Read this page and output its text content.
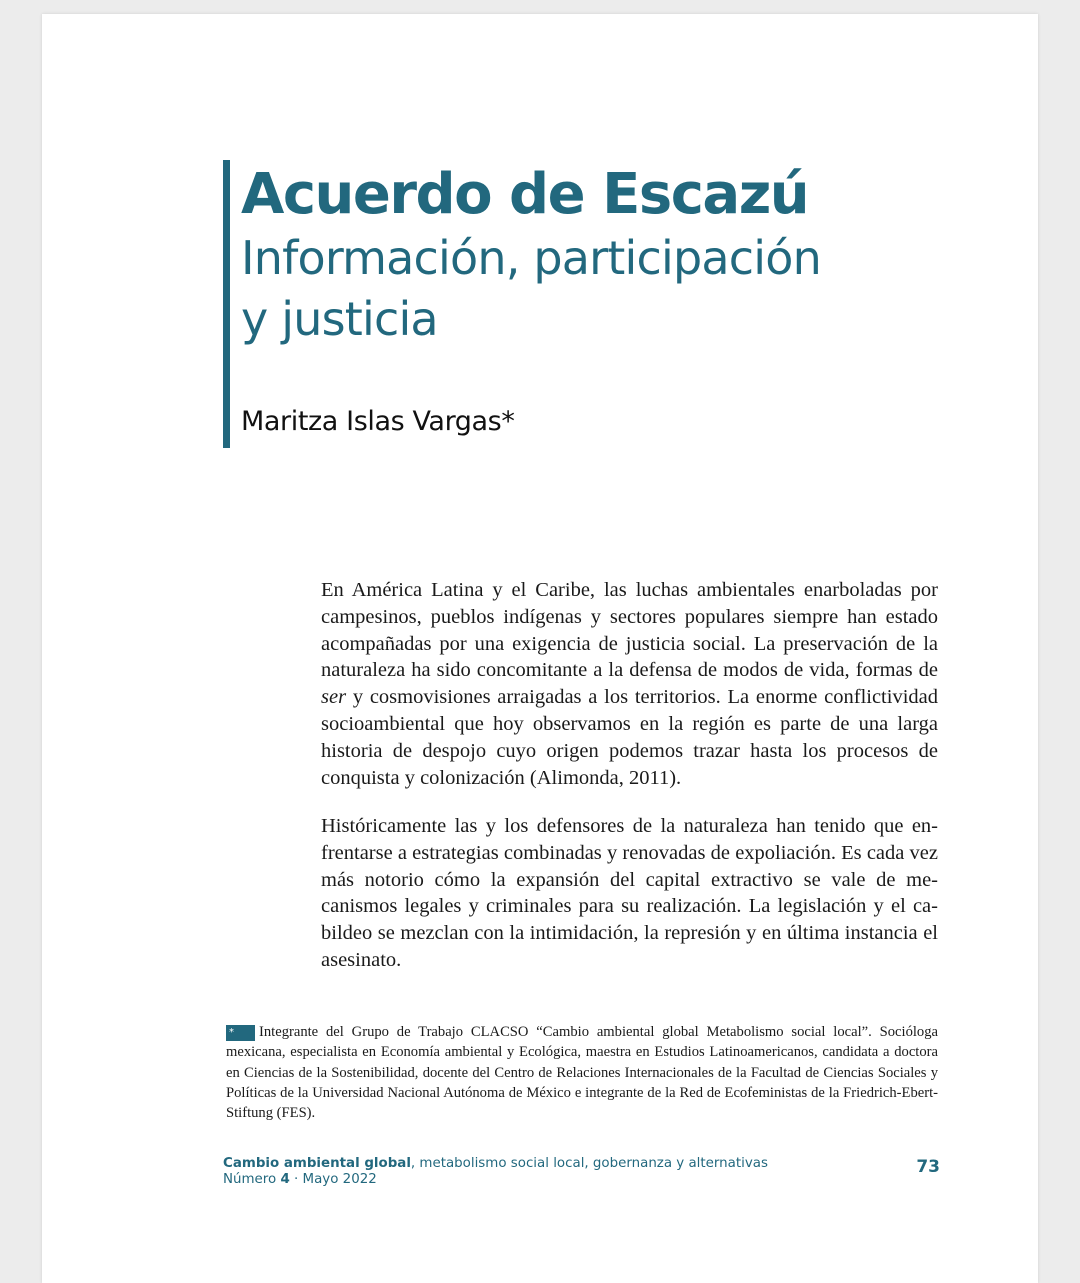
Acuerdo de Escazú
Información, participación
y justicia
Maritza Islas Vargas*
En América Latina y el Caribe, las luchas ambientales enarboladas por campesinos, pueblos indígenas y sectores populares siempre han estado acompañadas por una exigencia de justicia social. La preservación de la naturaleza ha sido concomitante a la defensa de modos de vida, formas de ser y cosmovisiones arraigadas a los territorios. La enorme conflictividad socioambiental que hoy observamos en la región es parte de una larga historia de despojo cuyo origen podemos trazar hasta los procesos de conquista y colonización (Alimonda, 2011).
Históricamente las y los defensores de la naturaleza han tenido que enfrentarse a estrategias combinadas y renovadas de expoliación. Es cada vez más notorio cómo la expansión del capital extractivo se vale de mecanismos legales y criminales para su realización. La legislación y el cabildeo se mezclan con la intimidación, la represión y en última instancia el asesinato.
Integrante del Grupo de Trabajo CLACSO “Cambio ambiental global Metabolismo social local”. Socióloga mexicana, especialista en Economía ambiental y Ecológica, maestra en Estudios Latinoamericanos, candidata a doctora en Ciencias de la Sostenibilidad, docente del Centro de Relaciones Internacionales de la Facultad de Ciencias Sociales y Políticas de la Universidad Nacional Autónoma de México e integrante de la Red de Ecofeministas de la Friedrich-Ebert-Stiftung (FES).
*
Cambio ambiental global, metabolismo social local, gobernanza y alternativas
Número 4 · Mayo 2022
73
